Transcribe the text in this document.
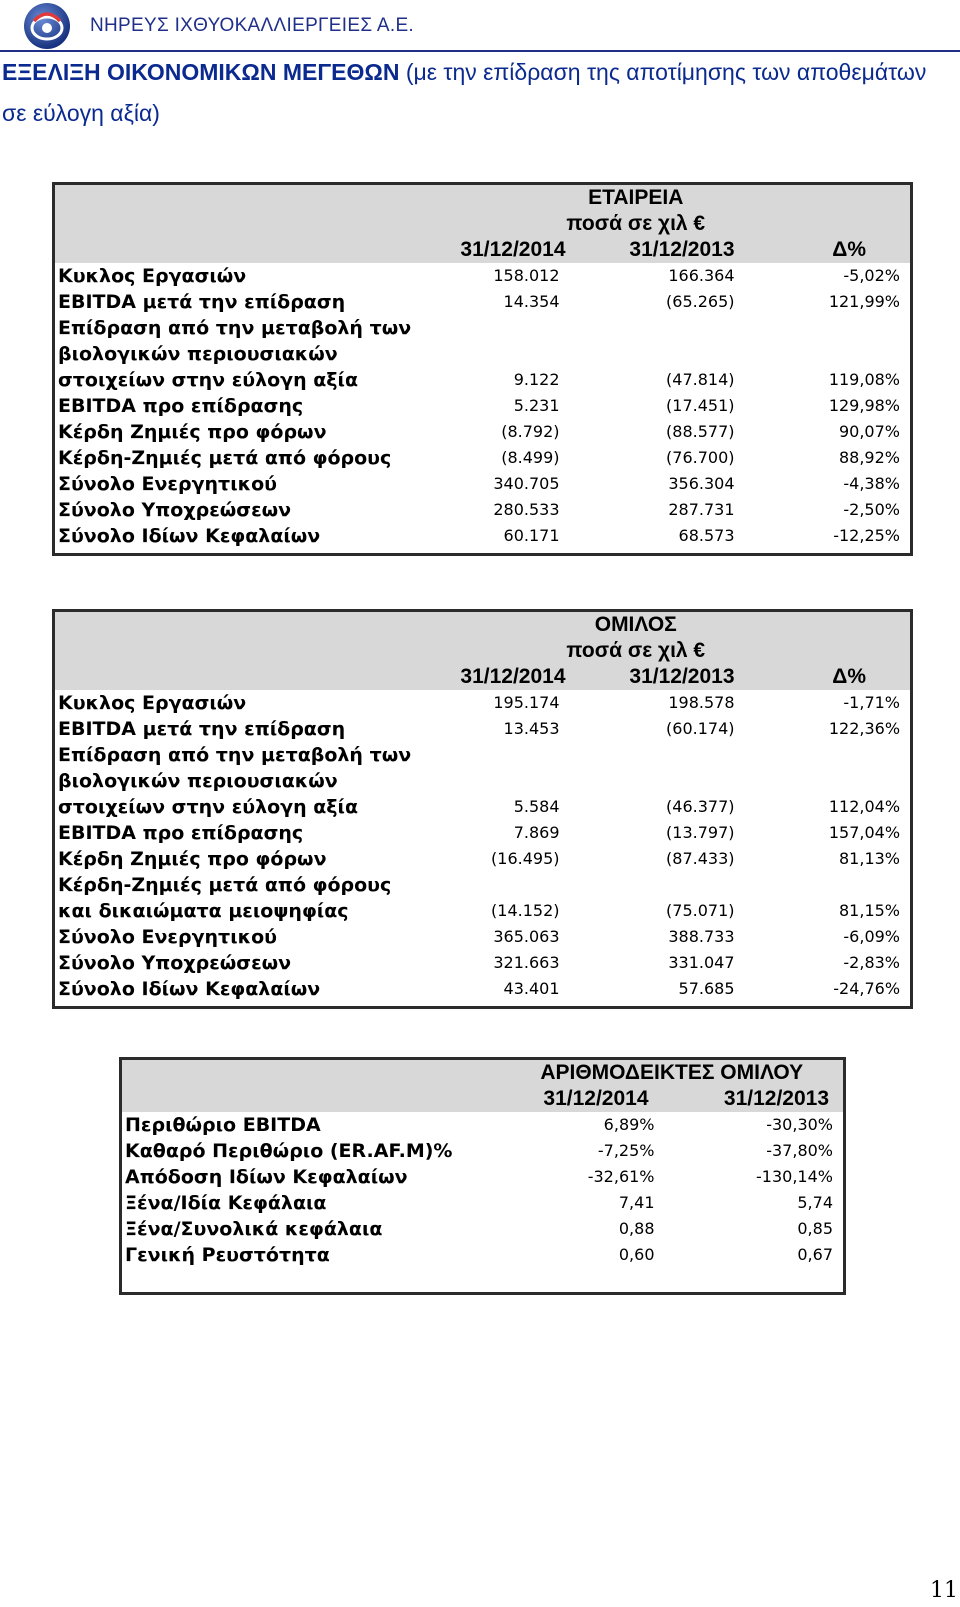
ΝΗΡΕΥΣ ΙΧΘΥΟΚΑΛΛΙΕΡΓΕΙΕΣ Α.Ε.
ΕΞΕΛΙΞΗ ΟΙΚΟΝΟΜΙΚΩΝ ΜΕΓΕΘΩΝ (με την επίδραση της αποτίμησης των αποθεμάτων σε εύλογη αξία)
	ΕΤΑΙΡΕΙΑ		
	ποσά σε χιλ €		
	31/12/2014	31/12/2013	Δ%
Κυκλος Εργασιών	158.012	166.364	-5,02%
EBITDA μετά την επίδραση	14.354	(65.265)	121,99%
Επίδραση από την μεταβολή των			
βιολογικών περιουσιακών			
στοιχείων στην εύλογη αξία	9.122	(47.814)	119,08%
EBITDA προ επίδρασης	5.231	(17.451)	129,98%
Κέρδη Ζημιές προ φόρων	(8.792)	(88.577)	90,07%
Κέρδη-Ζημιές μετά από φόρους	(8.499)	(76.700)	88,92%
Σύνολο Ενεργητικού	340.705	356.304	-4,38%
Σύνολο Υποχρεώσεων	280.533	287.731	-2,50%
Σύνολο Ιδίων Κεφαλαίων	60.171	68.573	-12,25%

	ΟΜΙΛΟΣ		
	ποσά σε χιλ €		
	31/12/2014	31/12/2013	Δ%
Κυκλος Εργασιών	195.174	198.578	-1,71%
EBITDA μετά την επίδραση	13.453	(60.174)	122,36%
Επίδραση από την μεταβολή των			
βιολογικών περιουσιακών			
στοιχείων στην εύλογη αξία	5.584	(46.377)	112,04%
EBITDA προ επίδρασης	7.869	(13.797)	157,04%
Κέρδη Ζημιές προ φόρων	(16.495)	(87.433)	81,13%
Κέρδη-Ζημιές μετά από φόρους			
και δικαιώματα μειοψηφίας	(14.152)	(75.071)	81,15%
Σύνολο Ενεργητικού	365.063	388.733	-6,09%
Σύνολο Υποχρεώσεων	321.663	331.047	-2,83%
Σύνολο Ιδίων Κεφαλαίων	43.401	57.685	-24,76%

	ΑΡΙΘΜΟΔΕΙΚΤΕΣ ΟΜΙΛΟΥ	
	31/12/2014	31/12/2013
Περιθώριο EBITDA	6,89%	-30,30%
Καθαρό Περιθώριο (ER.AF.M)%	-7,25%	-37,80%
Απόδοση Ιδίων Κεφαλαίων	-32,61%	-130,14%
Ξένα/Ιδία Κεφάλαια	7,41	5,74
Ξένα/Συνολικά κεφάλαια	0,88	0,85
Γενική Ρευστότητα	0,60	0,67

11
